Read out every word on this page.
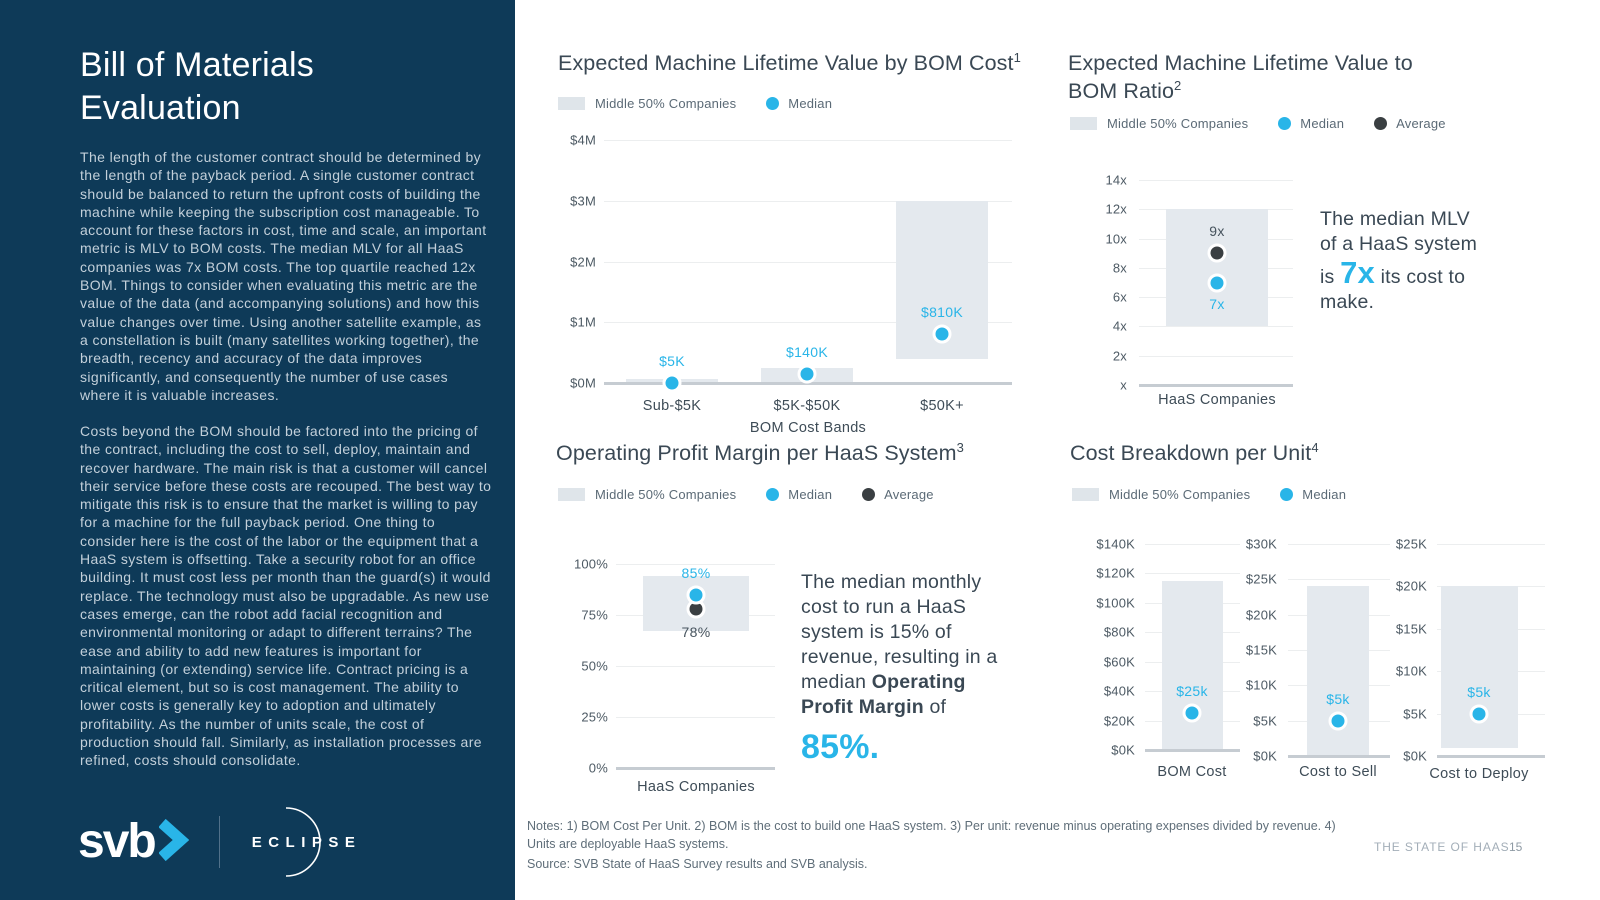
Bill of Materials Evaluation
The length of the customer contract should be determined by the length of the payback period. A single customer contract should be balanced to return the upfront costs of building the machine while keeping the subscription cost manageable. To account for these factors in cost, time and scale, an important metric is MLV to BOM costs. The median MLV for all HaaS companies was 7x BOM costs. The top quartile reached 12x BOM. Things to consider when evaluating this metric are the value of the data (and accompanying solutions) and how this value changes over time. Using another satellite example, as a constellation is built (many satellites working together), the breadth, recency and accuracy of the data improves significantly, and consequently the number of use cases where it is valuable increases.
Costs beyond the BOM should be factored into the pricing of the contract, including the cost to sell, deploy, maintain and recover hardware. The main risk is that a customer will cancel their service before these costs are recouped. The best way to mitigate this risk is to ensure that the market is willing to pay for a machine for the full payback period. One thing to consider here is the cost of the labor or the equipment that a HaaS system is offsetting. Take a security robot for an office building. It must cost less per month than the guard(s) it would replace. The technology must also be upgradable. As new use cases emerge, can the robot add facial recognition and environmental monitoring or adapt to different terrains? The ease and ability to add new features is important for maintaining (or extending) service life. Contract pricing is a critical element, but so is cost management. The ability to lower costs is generally key to adoption and ultimately profitability. As the number of units scale, the cost of production should fall. Similarly, as installation processes are refined, costs should consolidate.
svb	ECLIPSE
Expected Machine Lifetime Value by BOM Cost$^1$
Middle 50% Companies	Median
$4M
$3M
$2M
$1M
$0M
$5K
Sub-$5K
$140K
$5K-$50K
$810K
$50K+
BOM Cost Bands
Expected Machine Lifetime Value to BOM Ratio$^2$
Middle 50% Companies	Median	Average
14x
12x
10x
8x
6x
4x
2x
x
9x
7x
HaaS Companies
The median MLV of a HaaS system is 7x its cost to make.
Operating Profit Margin per HaaS System$^3$
Middle 50% Companies	Median	Average
100%
75%
50%
25%
0%
78%
85%
HaaS Companies
The median monthly cost to run a HaaS system is 15% of revenue, resulting in a median Operating Profit Margin of
85%.
Cost Breakdown per Unit$^4$
Middle 50% Companies	Median
$140K
$120K
$100K
$80K
$60K
$40K
$20K
$0K
$25k
BOM Cost
$30K
$25K
$20K
$15K
$10K
$5K
$0K
$5k
Cost to Sell
$25K
$20K
$15K
$10K
$5K
$0K
$5k
Cost to Deploy
Notes: 1) BOM Cost Per Unit. 2) BOM is the cost to build one HaaS system. 3) Per unit: revenue minus operating expenses divided by revenue. 4) Units are deployable HaaS systems.
Source: SVB State of HaaS Survey results and SVB analysis.
THE STATE OF HAAS 15
